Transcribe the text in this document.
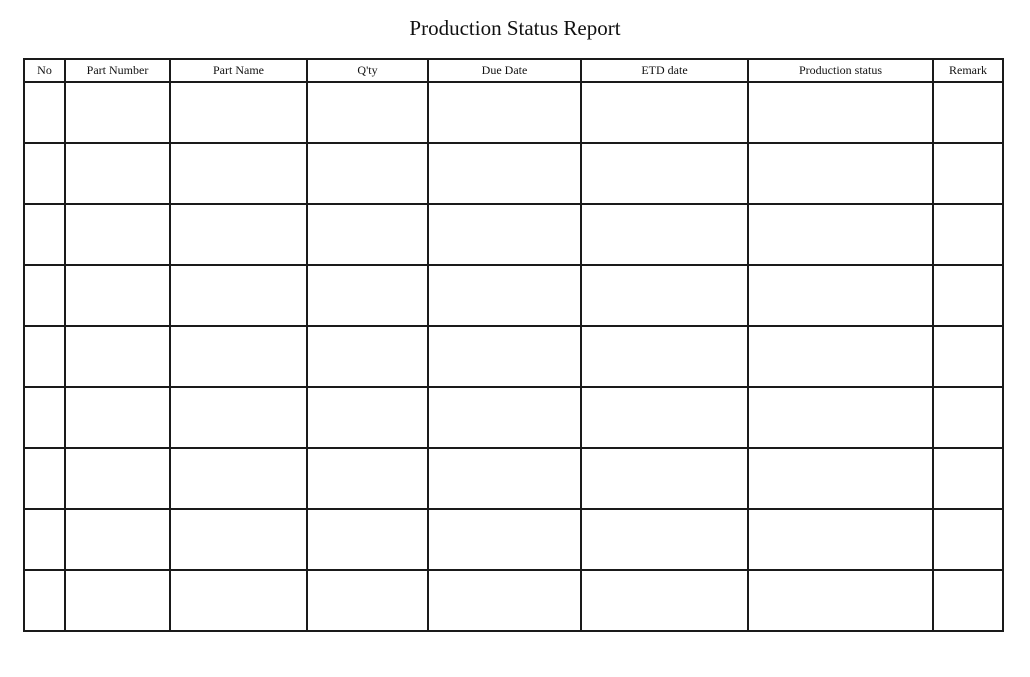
Production Status Report
No	Part Number	Part Name	Q'ty	Due Date	ETD date	Production status	Remark
